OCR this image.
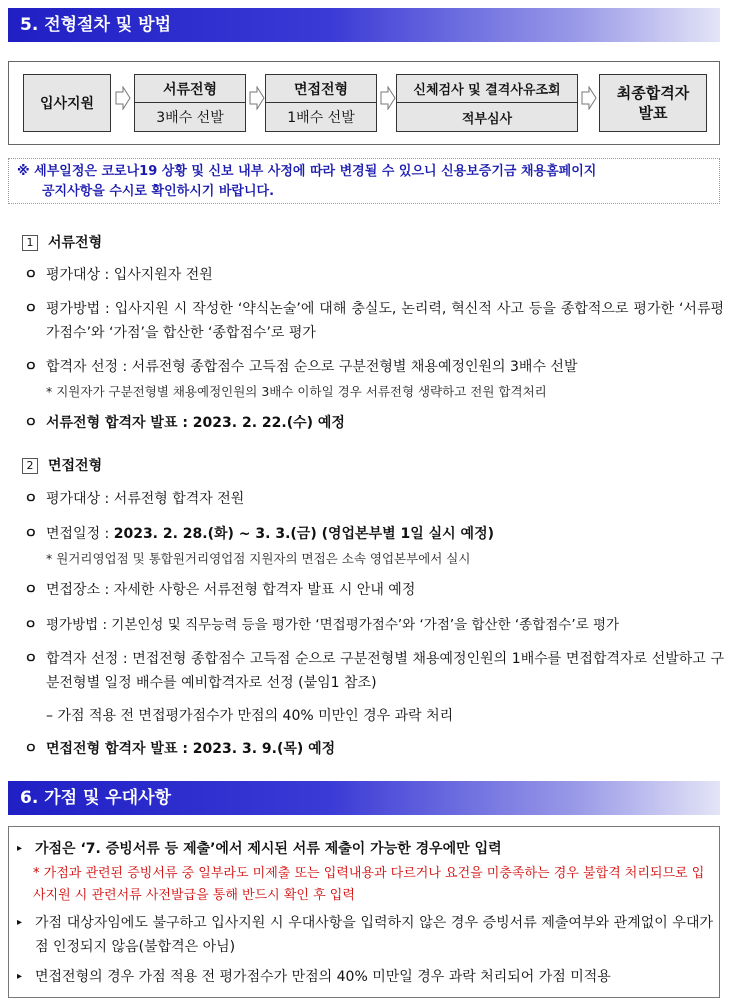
5. 전형절차 및 방법
입사지원
서류전형
3배수 선발
면접전형
1배수 선발
신체검사 및 결격사유조회
적부심사
최종합격자
발표
※ 세부일정은 코로나19 상황 및 신보 내부 사정에 따라 변경될 수 있으니 신용보증기금 채용홈페이지
공지사항을 수시로 확인하시기 바랍니다.
1 서류전형
ㅇ 평가대상 : 입사지원자 전원
ㅇ 평가방법 : 입사지원 시 작성한 ‘약식논술’에 대해 충실도, 논리력, 혁신적 사고 등을 종합적으로 평가한 ‘서류평가점수’와 ‘가점’을 합산한 ‘종합점수’로 평가
ㅇ 합격자 선정 : 서류전형 종합점수 고득점 순으로 구분전형별 채용예정인원의 3배수 선발
* 지원자가 구분전형별 채용예정인원의 3배수 이하일 경우 서류전형 생략하고 전원 합격처리
ㅇ 서류전형 합격자 발표 : 2023. 2. 22.(수) 예정
2 면접전형
ㅇ 평가대상 : 서류전형 합격자 전원
ㅇ 면접일정 : 2023. 2. 28.(화) ~ 3. 3.(금) (영업본부별 1일 실시 예정)
* 원거리영업점 및 통합원거리영업점 지원자의 면접은 소속 영업본부에서 실시
ㅇ 면접장소 : 자세한 사항은 서류전형 합격자 발표 시 안내 예정
ㅇ 평가방법 : 기본인성 및 직무능력 등을 평가한 ‘면접평가점수’와 ‘가점’을 합산한 ‘종합점수’로 평가
ㅇ 합격자 선정 : 면접전형 종합점수 고득점 순으로 구분전형별 채용예정인원의 1배수를 면접합격자로 선발하고 구분전형별 일정 배수를 예비합격자로 선정 (붙임1 참조)
– 가점 적용 전 면접평가점수가 만점의 40% 미만인 경우 과락 처리
ㅇ 면접전형 합격자 발표 : 2023. 3. 9.(목) 예정
6. 가점 및 우대사항
▸ 가점은 ‘7. 증빙서류 등 제출’에서 제시된 서류 제출이 가능한 경우에만 입력
* 가점과 관련된 증빙서류 중 일부라도 미제출 또는 입력내용과 다르거나 요건을 미충족하는 경우 불합격 처리되므로 입사지원 시 관련서류 사전발급을 통해 반드시 확인 후 입력
▸ 가점 대상자임에도 불구하고 입사지원 시 우대사항을 입력하지 않은 경우 증빙서류 제출여부와 관계없이 우대가점 인정되지 않음(불합격은 아님)
▸ 면접전형의 경우 가점 적용 전 평가점수가 만점의 40% 미만일 경우 과락 처리되어 가점 미적용
